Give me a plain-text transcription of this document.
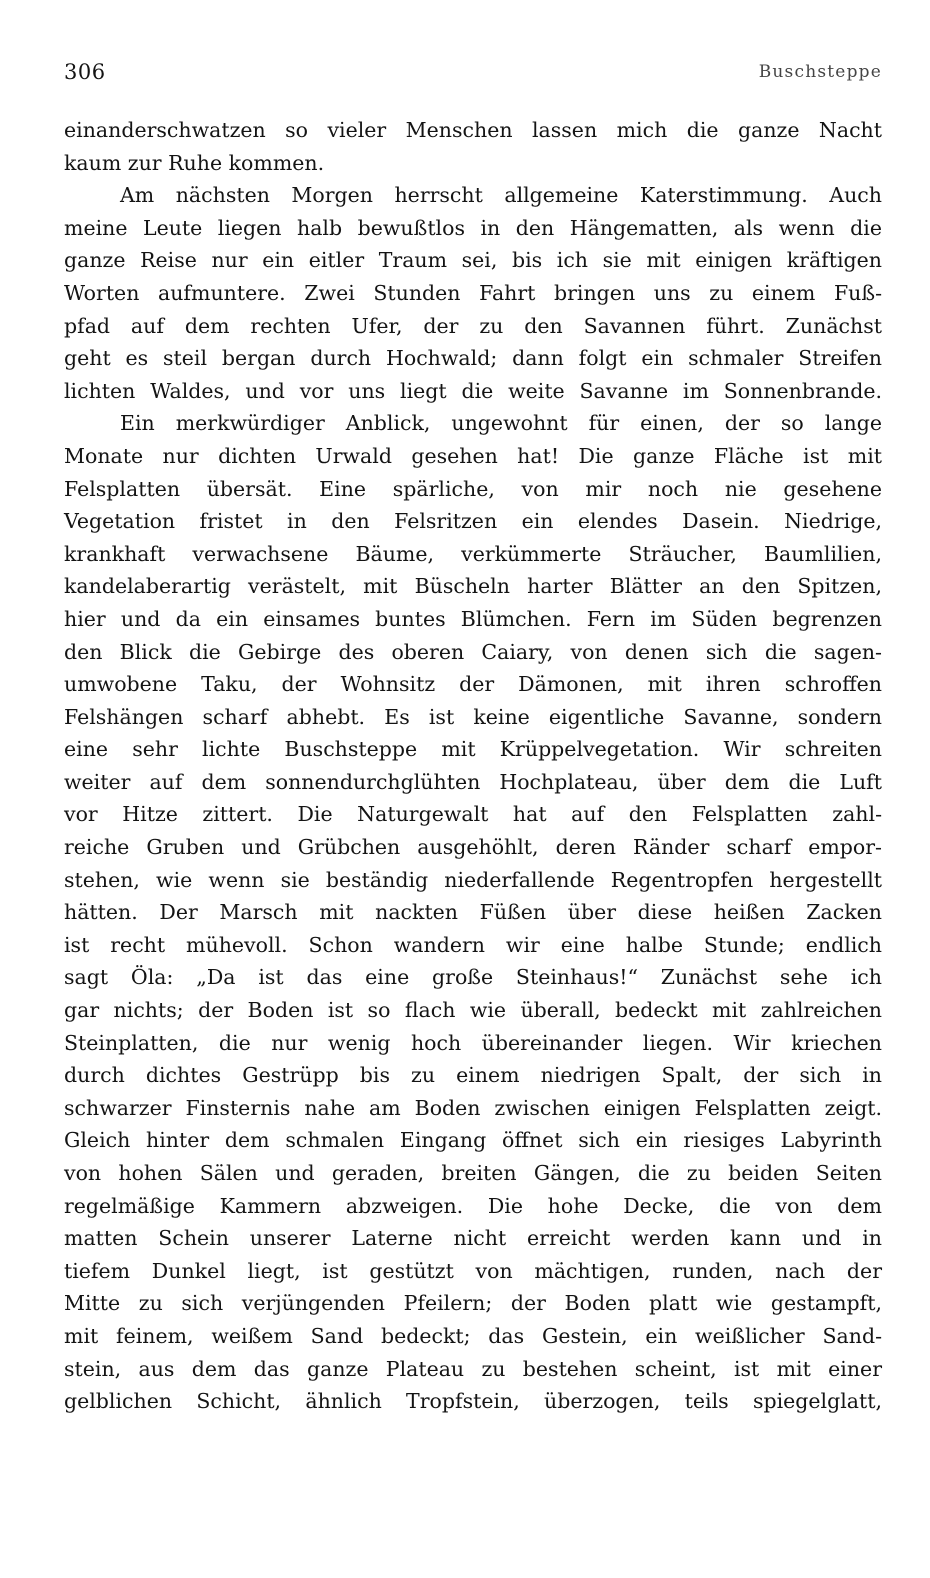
306	Buschsteppe
einanderschwatzen so vieler Menschen lassen mich die ganze Nacht
kaum zur Ruhe kommen.
Am nächsten Morgen herrscht allgemeine Katerstimmung. Auch
meine Leute liegen halb bewußtlos in den Hängematten, als wenn die
ganze Reise nur ein eitler Traum sei, bis ich sie mit einigen kräftigen
Worten aufmuntere. Zwei Stunden Fahrt bringen uns zu einem Fuß-
pfad auf dem rechten Ufer, der zu den Savannen führt. Zunächst
geht es steil bergan durch Hochwald; dann folgt ein schmaler Streifen
lichten Waldes, und vor uns liegt die weite Savanne im Sonnenbrande.
Ein merkwürdiger Anblick, ungewohnt für einen, der so lange
Monate nur dichten Urwald gesehen hat! Die ganze Fläche ist mit
Felsplatten übersät. Eine spärliche, von mir noch nie gesehene
Vegetation fristet in den Felsritzen ein elendes Dasein. Niedrige,
krankhaft verwachsene Bäume, verkümmerte Sträucher, Baumlilien,
kandelaberartig verästelt, mit Büscheln harter Blätter an den Spitzen,
hier und da ein einsames buntes Blümchen. Fern im Süden begrenzen
den Blick die Gebirge des oberen Caiary, von denen sich die sagen-
umwobene Taku, der Wohnsitz der Dämonen, mit ihren schroffen
Felshängen scharf abhebt. Es ist keine eigentliche Savanne, sondern
eine sehr lichte Buschsteppe mit Krüppelvegetation. Wir schreiten
weiter auf dem sonnendurchglühten Hochplateau, über dem die Luft
vor Hitze zittert. Die Naturgewalt hat auf den Felsplatten zahl-
reiche Gruben und Grübchen ausgehöhlt, deren Ränder scharf empor-
stehen, wie wenn sie beständig niederfallende Regentropfen hergestellt
hätten. Der Marsch mit nackten Füßen über diese heißen Zacken
ist recht mühevoll. Schon wandern wir eine halbe Stunde; endlich
sagt Öla: „Da ist das eine große Steinhaus!“ Zunächst sehe ich
gar nichts; der Boden ist so flach wie überall, bedeckt mit zahlreichen
Steinplatten, die nur wenig hoch übereinander liegen. Wir kriechen
durch dichtes Gestrüpp bis zu einem niedrigen Spalt, der sich in
schwarzer Finsternis nahe am Boden zwischen einigen Felsplatten zeigt.
Gleich hinter dem schmalen Eingang öffnet sich ein riesiges Labyrinth
von hohen Sälen und geraden, breiten Gängen, die zu beiden Seiten
regelmäßige Kammern abzweigen. Die hohe Decke, die von dem
matten Schein unserer Laterne nicht erreicht werden kann und in
tiefem Dunkel liegt, ist gestützt von mächtigen, runden, nach der
Mitte zu sich verjüngenden Pfeilern; der Boden platt wie gestampft,
mit feinem, weißem Sand bedeckt; das Gestein, ein weißlicher Sand-
stein, aus dem das ganze Plateau zu bestehen scheint, ist mit einer
gelblichen Schicht, ähnlich Tropfstein, überzogen, teils spiegelglatt,
